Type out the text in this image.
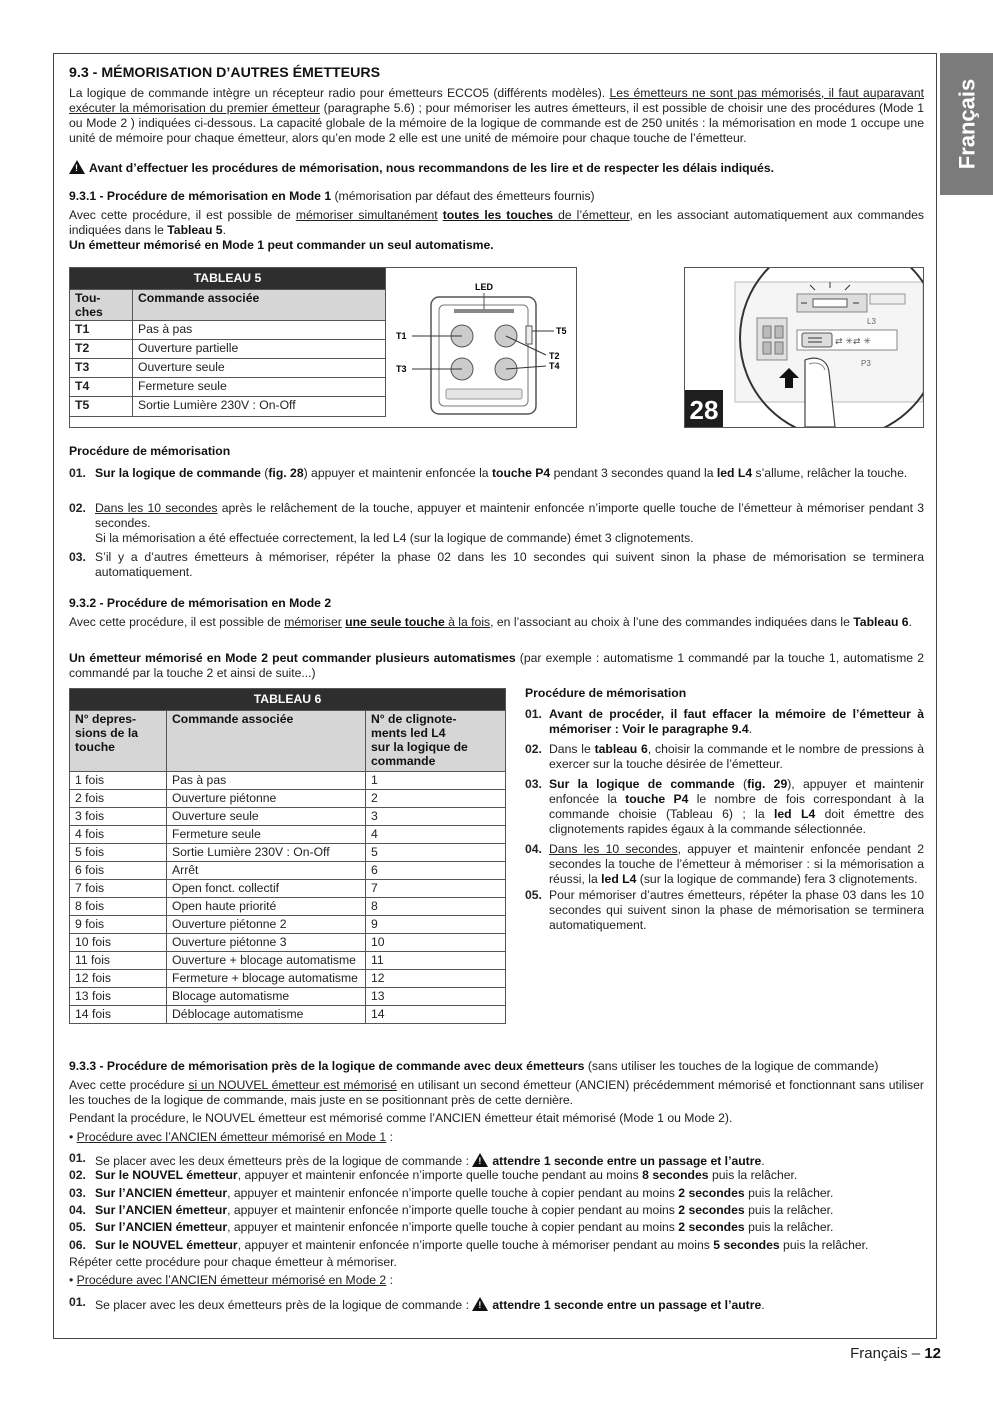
Français
9.3 - MÉMORISATION D’AUTRES ÉMETTEURS

La logique de commande intègre un récepteur radio pour émetteurs ECCO5 (différents modèles). Les émetteurs ne sont pas mémorisés, il faut auparavant exécuter la mémorisation du premier émetteur (paragraphe 5.6) ; pour mémoriser les autres émetteurs, il est possible de choisir une des procédures (Mode 1 ou Mode 2 ) indiquées ci-dessous. La capacité globale de la mémoire de la logique de commande est de 250 unités : la mémorisation en mode 1 occupe une unité de mémoire pour chaque émetteur, alors qu’en mode 2 elle est une unité de mémoire pour chaque touche de l’émetteur.

!Avant d’effectuer les procédures de mémorisation, nous recommandons de les lire et de respecter les délais indiqués.

9.3.1 - Procédure de mémorisation en Mode 1 (mémorisation par défaut des émetteurs fournis)

Avec cette procédure, il est possible de mémoriser simultanément toutes les touches de l’émetteur, en les associant automatiquement aux commandes indiquées dans le Tableau 5.

Un émetteur mémorisé en Mode 1 peut commander un seul automatisme.

TABLEAU 5	
Tou-
ches	Commande associée
T1	Pas à pas
T2	Ouverture partielle
T3	Ouverture seule
T4	Fermeture seule
T5	Sortie Lumière 230V : On-Off
LED
T1
T3
T5
T2
T4
L3
⇄ ✳⇄ ✳
P3
28

Procédure de mémorisation

01. Sur la logique de commande (fig. 28) appuyer et maintenir enfoncée la touche P4 pendant 3 secondes quand la led L4 s’allume, relâcher la touche.

02. Dans les 10 secondes après le relâchement de la touche, appuyer et maintenir enfoncée n’importe quelle touche de l’émetteur à mémoriser pendant 3 secondes.

Si la mémorisation a été effectuée correctement, la led L4 (sur la logique de commande) émet 3 clignotements.

03. S’il y a d’autres émetteurs à mémoriser, répéter la phase 02 dans les 10 secondes qui suivent sinon la phase de mémorisation se terminera automatiquement.

9.3.2 - Procédure de mémorisation en Mode 2

Avec cette procédure, il est possible de mémoriser une seule touche à la fois, en l’associant au choix à l’une des commandes indiquées dans le Tableau 6.

Un émetteur mémorisé en Mode 2 peut commander plusieurs automatismes (par exemple : automatisme 1 commandé par la touche 1, automatisme 2 commandé par la touche 2 et ainsi de suite...)

TABLEAU 6		
N° depres-
sions de la
touche	Commande associée	N° de clignote-
ments led L4
sur la logique de
commande
1 fois	Pas à pas	1
2 fois	Ouverture piétonne	2
3 fois	Ouverture seule	3
4 fois	Fermeture seule	4
5 fois	Sortie Lumière 230V : On-Off	5
6 fois	Arrêt	6
7 fois	Open fonct. collectif	7
8 fois	Open haute priorité	8
9 fois	Ouverture piétonne 2	9
10 fois	Ouverture piétonne 3	10
11 fois	Ouverture + blocage automatisme	11
12 fois	Fermeture + blocage automatisme	12
13 fois	Blocage automatisme	13
14 fois	Déblocage automatisme	14

Procédure de mémorisation

01. Avant de procéder, il faut effacer la mémoire de l’émetteur à mémoriser : Voir le paragraphe 9.4.

02. Dans le tableau 6, choisir la commande et le nombre de pressions à exercer sur la touche désirée de l’émetteur.

03. Sur la logique de commande (fig. 29), appuyer et maintenir enfoncée la touche P4 le nombre de fois correspondant à la commande choisie (Tableau 6) ; la led L4 doit émettre des clignotements rapides égaux à la commande sélectionnée.

04. Dans les 10 secondes, appuyer et maintenir enfoncée pendant 2 secondes la touche de l’émetteur à mémoriser : si la mémorisation a réussi, la led L4 (sur la logique de commande) fera 3 clignotements.

05. Pour mémoriser d’autres émetteurs, répéter la phase 03 dans les 10 secondes qui suivent sinon la phase de mémorisation se terminera automatiquement.

9.3.3 - Procédure de mémorisation près de la logique de commande avec deux émetteurs (sans utiliser les touches de la logique de commande)

Avec cette procédure si un NOUVEL émetteur est mémorisé en utilisant un second émetteur (ANCIEN) précédemment mémorisé et fonctionnant sans utiliser les touches de la logique de commande, mais juste en se positionnant près de cette dernière.

Pendant la procédure, le NOUVEL émetteur est mémorisé comme l’ANCIEN émetteur était mémorisé (Mode 1 ou Mode 2).

• Procédure avec l’ANCIEN émetteur mémorisé en Mode 1 :

01. Se placer avec les deux émetteurs près de la logique de commande : !attendre 1 seconde entre un passage et l’autre.

02. Sur le NOUVEL émetteur, appuyer et maintenir enfoncée n’importe quelle touche pendant au moins 8 secondes puis la relâcher.

03. Sur l’ANCIEN émetteur, appuyer et maintenir enfoncée n’importe quelle touche à copier pendant au moins 2 secondes puis la relâcher.

04. Sur l’ANCIEN émetteur, appuyer et maintenir enfoncée n’importe quelle touche à copier pendant au moins 2 secondes puis la relâcher.

05. Sur l’ANCIEN émetteur, appuyer et maintenir enfoncée n’importe quelle touche à copier pendant au moins 2 secondes puis la relâcher.

06. Sur le NOUVEL émetteur, appuyer et maintenir enfoncée n’importe quelle touche à mémoriser pendant au moins 5 secondes puis la relâcher.

Répéter cette procédure pour chaque émetteur à mémoriser.

• Procédure avec l’ANCIEN émetteur mémorisé en Mode 2 :

01. Se placer avec les deux émetteurs près de la logique de commande : !attendre 1 seconde entre un passage et l’autre.

Français – 12
